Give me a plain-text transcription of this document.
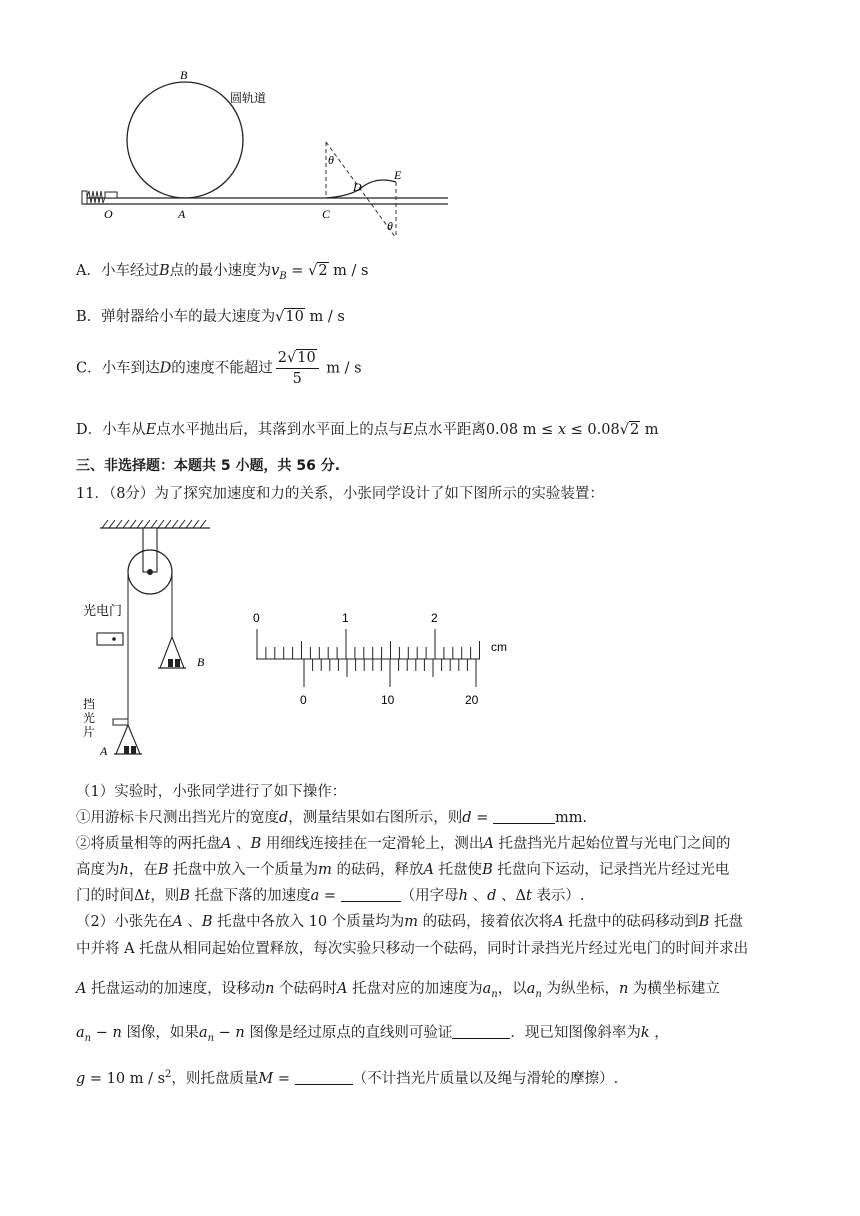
B
圆轨道
O	A	C
D
E
θ
θ
A．小车经过B点的最小速度为$v_B = √2$ m / s
B．弹射器给小车的最大速度为√10 m / s
C．小车到达D的速度不能超过 $\frac{2√10}{5}$ m / s
D．小车从E点水平抛出后，其落到水平面上的点与E点水平距离0.08 m ≤ x ≤ 0.08√2 m
三、非选择题：本题共 5 小题，共 56 分.
11．（8分）为了探究加速度和力的关系，小张同学设计了如下图所示的实验装置：
光电门
挡
光
片
A
B
0	1	2
cm
0	10	20
（1）实验时，小张同学进行了如下操作：
①用游标卡尺测出挡光片的宽度d，测量结果如右图所示，则d =	mm.
②将质量相等的两托盘A 、B 用细线连接挂在一定滑轮上，测出A 托盘挡光片起始位置与光电门之间的
高度为h，在B 托盘中放入一个质量为m 的砝码，释放A 托盘使B 托盘向下运动，记录挡光片经过光电
门的时间Δt，则B 托盘下落的加速度a =	（用字母h 、d 、Δt 表示）.
（2）小张先在A 、B 托盘中各放入 10 个质量均为m 的砝码，接着依次将A 托盘中的砝码移动到B 托盘
中并将 A 托盘从相同起始位置释放，每次实验只移动一个砝码，同时计录挡光片经过光电门的时间并求出
A 托盘运动的加速度，设移动n 个砝码时A 托盘对应的加速度为$a_n$，以$a_n$ 为纵坐标，n 为横坐标建立
$a_n - n$ 图像，如果$a_n - n$ 图像是经过原点的直线则可验证	．现已知图像斜率为k ，
g = 10 m / $s^2$，则托盘质量M =	（不计挡光片质量以及绳与滑轮的摩擦）.
